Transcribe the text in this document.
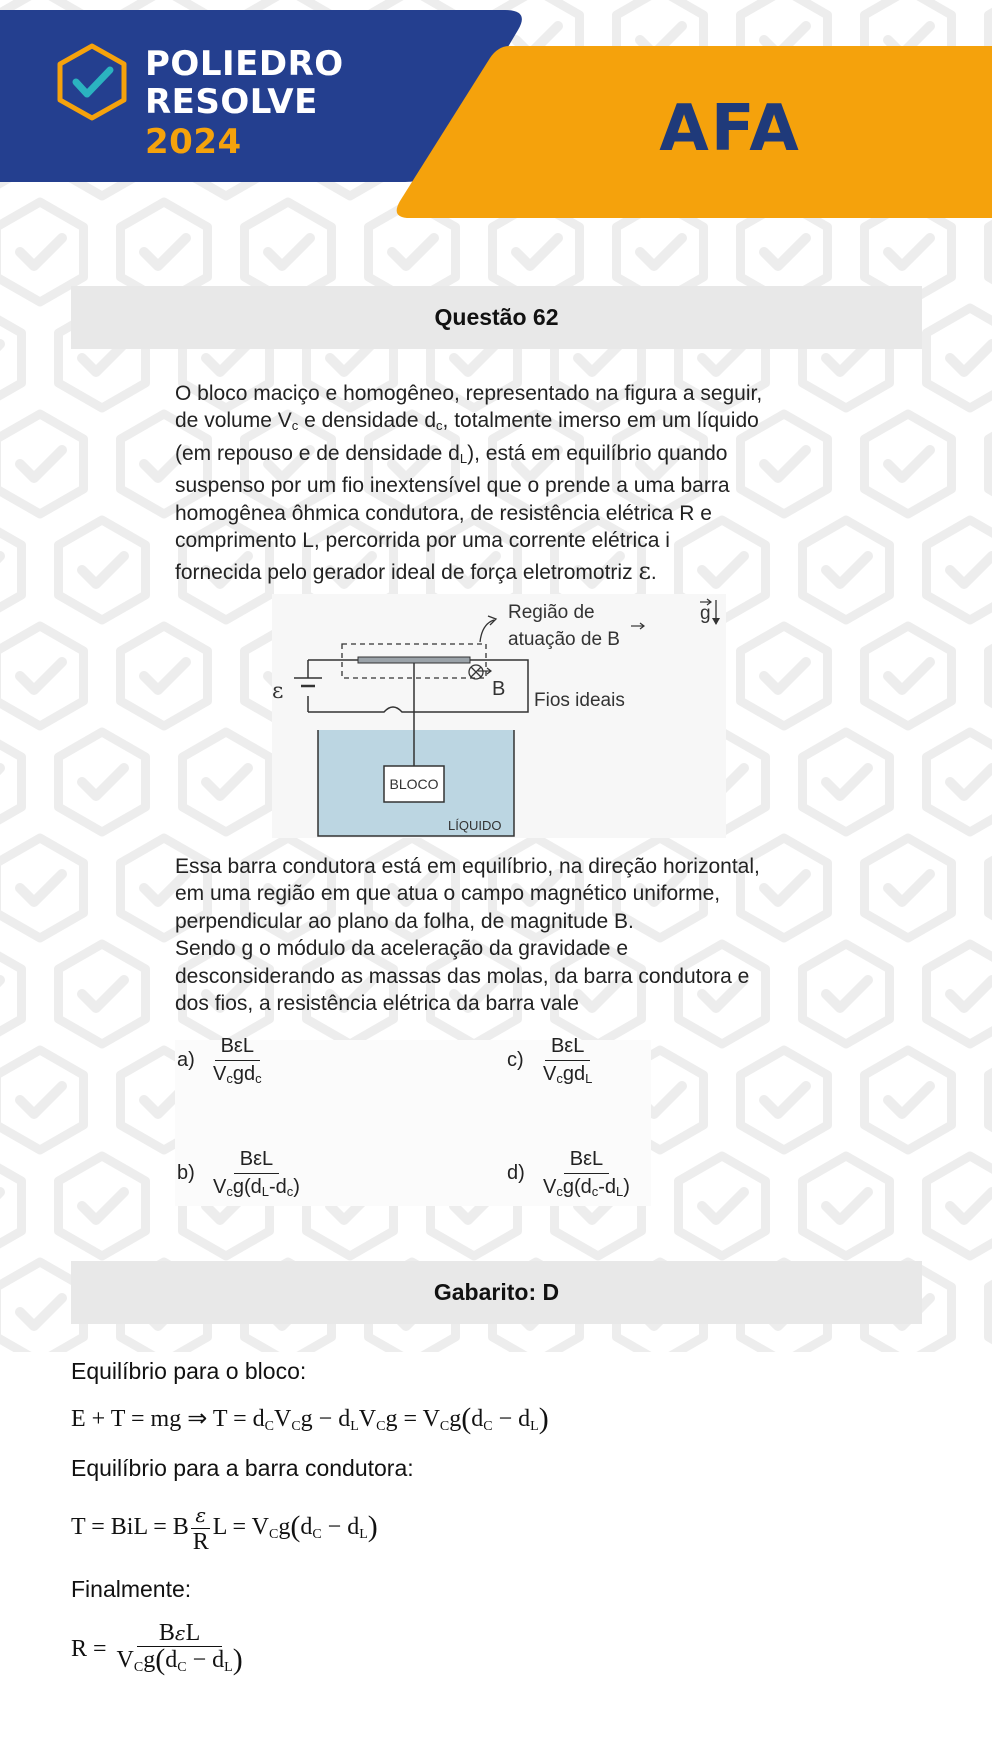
POLIEDRO
RESOLVE
2024	AFA
Questão 62
O bloco maciço e homogêneo, representado na figura a seguir,
de volume $V_c$ e densidade $d_c$, totalmente imerso em um líquido
(em repouso e de densidade $d_L$), está em equilíbrio quando
suspenso por um fio inextensível que o prende a uma barra
homogênea ôhmica condutora, de resistência elétrica R e
comprimento L, percorrida por uma corrente elétrica i
fornecida pelo gerador ideal de força eletromotriz ε.
Região de
atuação de B
B
g
ε	Fios ideais
BLOCO
LÍQUIDO
Essa barra condutora está em equilíbrio, na direção horizontal,
em uma região em que atua o campo magnético uniforme,
perpendicular ao plano da folha, de magnitude B.
Sendo g o módulo da aceleração da gravidade e
desconsiderando as massas das molas, da barra condutora e
dos fios, a resistência elétrica da barra vale
$a) \frac{\text{BεL}}{V_cgd_c}$	$c) \frac{\text{BεL}}{V_cgd_L}$
$b) \frac{\text{BεL}}{V_cg(d_L-d_c)}$	$d) \frac{\text{BεL}}{V_cg(d_c-d_L)}$
Gabarito: D
Equilíbrio para o bloco:
E + T = mg ⇒ $T = d_CV_Cg - d_LV_Cg = V_Cg(d_C - d_L)$
Equilíbrio para a barra condutora:
T = BiL = B $\frac{\varepsilon}{R}$ $L = V_Cg(d_C - d_L)$
Finalmente:
R =
BεL
$V_Cg(d_C - d_L)$
